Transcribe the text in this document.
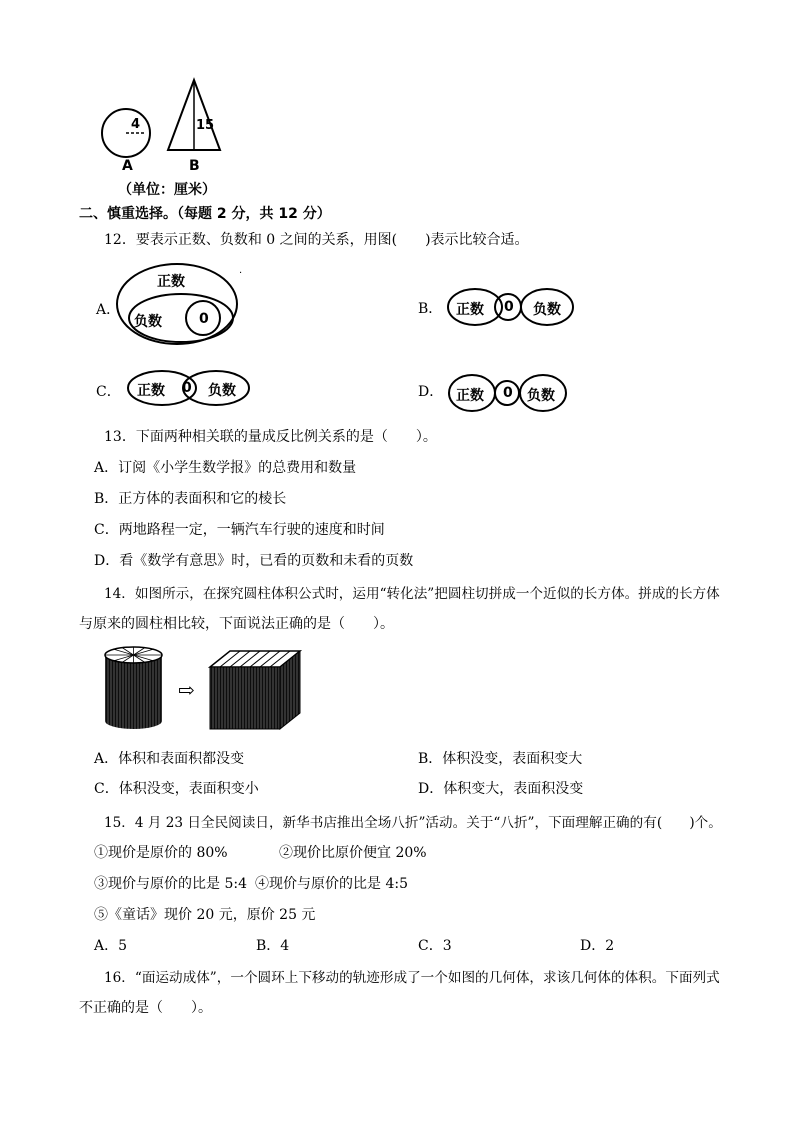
4	15
A	B
（单位：厘米）
二、慎重选择。（每题 2 分，共 12 分）
12．要表示正数、负数和 0 之间的关系，用图(　　)表示比较合适。
A．
·
正数
负数	0
B． 正数 0 负数
C． 正数 0 负数	D． 正数 0 负数
13．下面两种相关联的量成反比例关系的是（　　）。
A．订阅《小学生数学报》的总费用和数量
B．正方体的表面积和它的棱长
C．两地路程一定，一辆汽车行驶的速度和时间
D．看《数学有意思》时，已看的页数和未看的页数
14．如图所示，在探究圆柱体积公式时，运用“转化法”把圆柱切拼成一个近似的长方体。拼成的长方体
与原来的圆柱相比较，下面说法正确的是（　　）。
⇨
A．体积和表面积都没变	B．体积没变，表面积变大
C．体积没变，表面积变小	D．体积变大，表面积没变
15．4 月 23 日全民阅读日，新华书店推出全场八折”活动。关于“八折”，下面理解正确的有(　　)个。
①现价是原价的 80%	②现价比原价便宜 20%
③现价与原价的比是 5:4 ④现价与原价的比是 4:5
⑤《童话》现价 20 元，原价 25 元
A．5	B．4	C．3	D．2
16．“面运动成体”，一个圆环上下移动的轨迹形成了一个如图的几何体，求该几何体的体积。下面列式
不正确的是（　　）。
